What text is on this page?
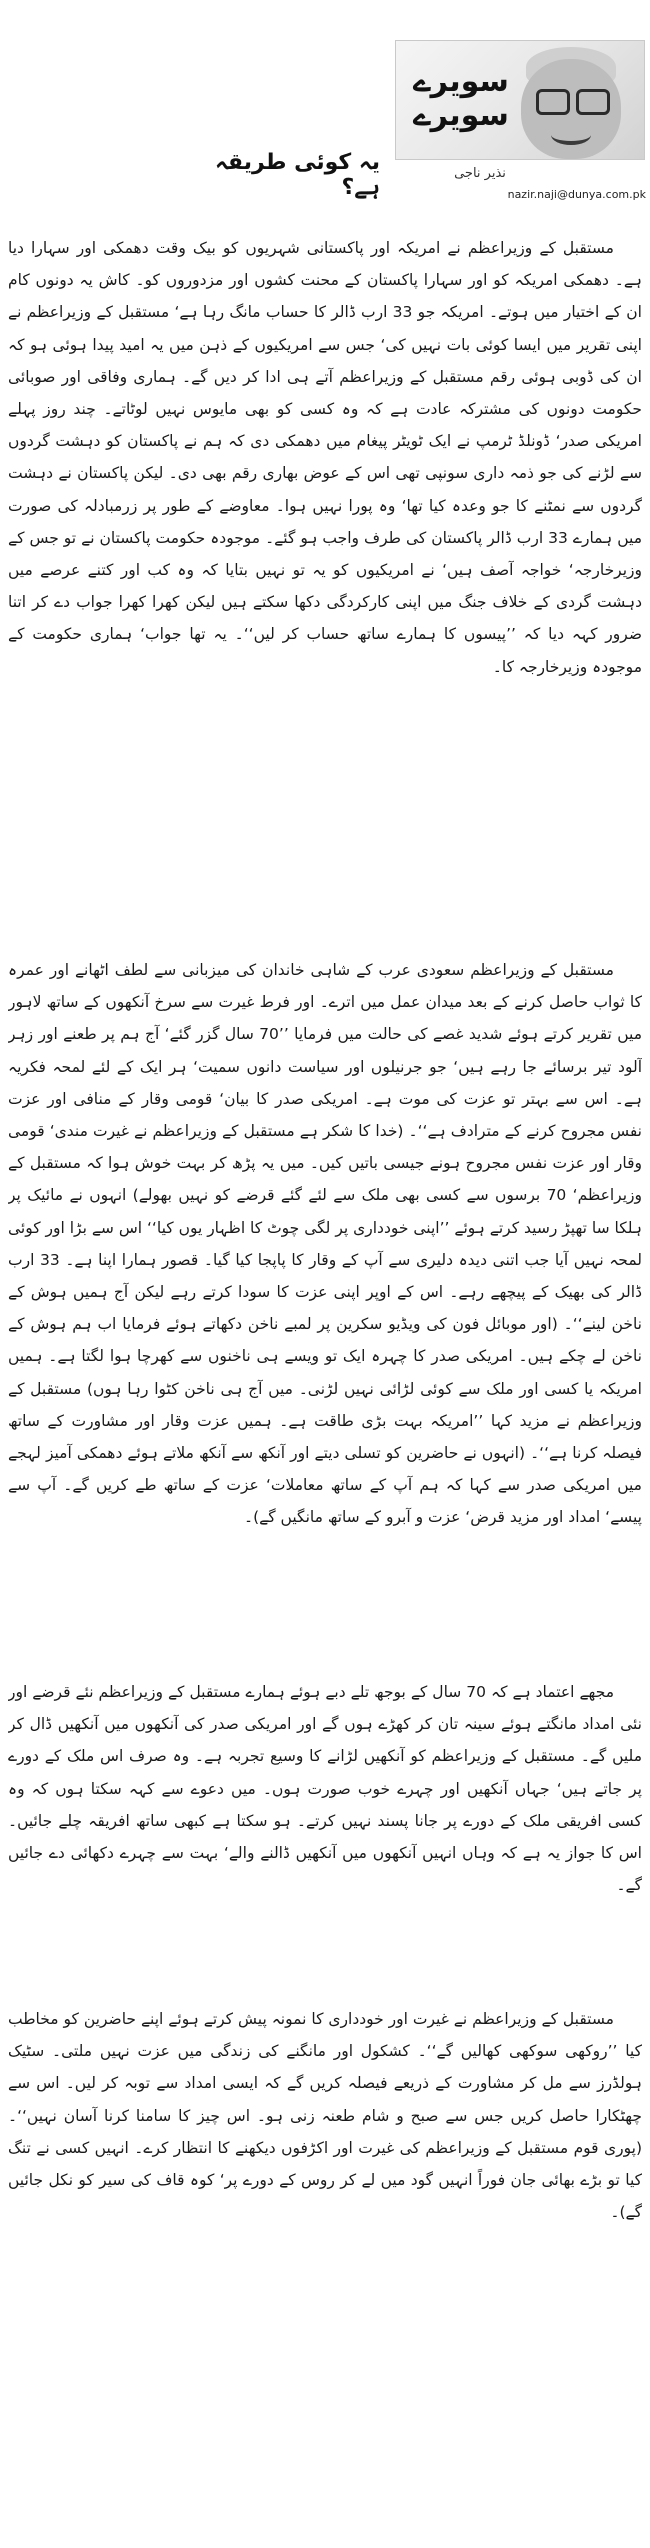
سویرے
سویرے
نذیر ناجی
nazir.naji@dunya.com.pk
یہ کوئی طریقہ ہے؟

مستقبل کے وزیراعظم نے امریکہ اور پاکستانی شہریوں کو بیک وقت دھمکی اور سہارا دیا ہے۔ دھمکی امریکہ کو اور سہارا پاکستان کے محنت کشوں اور مزدوروں کو۔ کاش یہ دونوں کام ان کے اختیار میں ہوتے۔ امریکہ جو 33 ارب ڈالر کا حساب مانگ رہا ہے‘ مستقبل کے وزیراعظم نے اپنی تقریر میں ایسا کوئی بات نہیں کی‘ جس سے امریکیوں کے ذہن میں یہ امید پیدا ہوئی ہو کہ ان کی ڈوبی ہوئی رقم مستقبل کے وزیراعظم آتے ہی ادا کر دیں گے۔ ہماری وفاقی اور صوبائی حکومت دونوں کی مشترکہ عادت ہے کہ وہ کسی کو بھی مایوس نہیں لوٹاتے۔ چند روز پہلے امریکی صدر‘ ڈونلڈ ٹرمپ نے ایک ٹویٹر پیغام میں دھمکی دی کہ ہم نے پاکستان کو دہشت گردوں سے لڑنے کی جو ذمہ داری سونپی تھی اس کے عوض بھاری رقم بھی دی۔ لیکن پاکستان نے دہشت گردوں سے نمٹنے کا جو وعدہ کیا تھا‘ وہ پورا نہیں ہوا۔ معاوضے کے طور پر زرمبادلہ کی صورت میں ہمارے 33 ارب ڈالر پاکستان کی طرف واجب ہو گئے۔ موجودہ حکومت پاکستان نے تو جس کے وزیرخارجہ‘ خواجہ آصف ہیں‘ نے امریکیوں کو یہ تو نہیں بتایا کہ وہ کب اور کتنے عرصے میں دہشت گردی کے خلاف جنگ میں اپنی کارکردگی دکھا سکتے ہیں لیکن کھرا کھرا جواب دے کر اتنا ضرور کہہ دیا کہ ’’پیسوں کا ہمارے ساتھ حساب کر لیں‘‘۔ یہ تھا جواب‘ ہماری حکومت کے موجودہ وزیرخارجہ کا۔

مستقبل کے وزیراعظم سعودی عرب کے شاہی خاندان کی میزبانی سے لطف اٹھانے اور عمرہ کا ثواب حاصل کرنے کے بعد میدان عمل میں اترے۔ اور فرط غیرت سے سرخ آنکھوں کے ساتھ لاہور میں تقریر کرتے ہوئے شدید غصے کی حالت میں فرمایا ’’70 سال گزر گئے‘ آج ہم پر طعنے اور زہر آلود تیر برسائے جا رہے ہیں‘ جو جرنیلوں اور سیاست دانوں سمیت‘ ہر ایک کے لئے لمحہ فکریہ ہے۔ اس سے بہتر تو عزت کی موت ہے۔ امریکی صدر کا بیان‘ قومی وقار کے منافی اور عزت نفس مجروح کرنے کے مترادف ہے‘‘۔ (خدا کا شکر ہے مستقبل کے وزیراعظم نے غیرت مندی‘ قومی وقار اور عزت نفس مجروح ہونے جیسی باتیں کیں۔ میں یہ پڑھ کر بہت خوش ہوا کہ مستقبل کے وزیراعظم‘ 70 برسوں سے کسی بھی ملک سے لئے گئے قرضے کو نہیں بھولے) انہوں نے مائیک پر ہلکا سا تھپڑ رسید کرتے ہوئے ’’اپنی خودداری پر لگی چوٹ کا اظہار یوں کیا‘‘ اس سے بڑا اور کوئی لمحہ نہیں آیا جب اتنی دیدہ دلیری سے آپ کے وقار کا پاپجا کیا گیا۔ قصور ہمارا اپنا ہے۔ 33 ارب ڈالر کی بھیک کے پیچھے رہے۔ اس کے اوپر اپنی عزت کا سودا کرتے رہے لیکن آج ہمیں ہوش کے ناخن لینے‘‘۔ (اور موبائل فون کی ویڈیو سکرین پر لمبے ناخن دکھاتے ہوئے فرمایا اب ہم ہوش کے ناخن لے چکے ہیں۔ امریکی صدر کا چہرہ ایک تو ویسے ہی ناخنوں سے کھرچا ہوا لگتا ہے۔ ہمیں امریکہ یا کسی اور ملک سے کوئی لڑائی نہیں لڑنی۔ میں آج ہی ناخن کٹوا رہا ہوں) مستقبل کے وزیراعظم نے مزید کہا ’’امریکہ بہت بڑی طاقت ہے۔ ہمیں عزت وقار اور مشاورت کے ساتھ فیصلہ کرنا ہے‘‘۔ (انہوں نے حاضرین کو تسلی دیتے اور آنکھ سے آنکھ ملاتے ہوئے دھمکی آمیز لہجے میں امریکی صدر سے کہا کہ ہم آپ کے ساتھ معاملات‘ عزت کے ساتھ طے کریں گے۔ آپ سے پیسے‘ امداد اور مزید قرض‘ عزت و آبرو کے ساتھ مانگیں گے)۔

مجھے اعتماد ہے کہ 70 سال کے بوجھ تلے دبے ہوئے ہمارے مستقبل کے وزیراعظم نئے قرضے اور نئی امداد مانگتے ہوئے سینہ تان کر کھڑے ہوں گے اور امریکی صدر کی آنکھوں میں آنکھیں ڈال کر ملیں گے۔ مستقبل کے وزیراعظم کو آنکھیں لڑانے کا وسیع تجربہ ہے۔ وہ صرف اس ملک کے دورے پر جاتے ہیں‘ جہاں آنکھیں اور چہرے خوب صورت ہوں۔ میں دعوے سے کہہ سکتا ہوں کہ وہ کسی افریقی ملک کے دورے پر جانا پسند نہیں کرتے۔ ہو سکتا ہے کبھی ساتھ افریقہ چلے جائیں۔ اس کا جواز یہ ہے کہ وہاں انہیں آنکھوں میں آنکھیں ڈالنے والے‘ بہت سے چہرے دکھائی دے جائیں گے۔

مستقبل کے وزیراعظم نے غیرت اور خودداری کا نمونہ پیش کرتے ہوئے اپنے حاضرین کو مخاطب کیا ’’روکھی سوکھی کھالیں گے‘‘۔ کشکول اور مانگنے کی زندگی میں عزت نہیں ملتی۔ سٹیک ہولڈرز سے مل کر مشاورت کے ذریعے فیصلہ کریں گے کہ ایسی امداد سے توبہ کر لیں۔ اس سے چھٹکارا حاصل کریں جس سے صبح و شام طعنہ زنی ہو۔ اس چیز کا سامنا کرنا آسان نہیں‘‘۔ (پوری قوم مستقبل کے وزیراعظم کی غیرت اور اکڑفوں دیکھنے کا انتظار کرے۔ انہیں کسی نے تنگ کیا تو بڑے بھائی جان فوراً انہیں گود میں لے کر روس کے دورے پر‘ کوہ قاف کی سیر کو نکل جائیں گے)۔
